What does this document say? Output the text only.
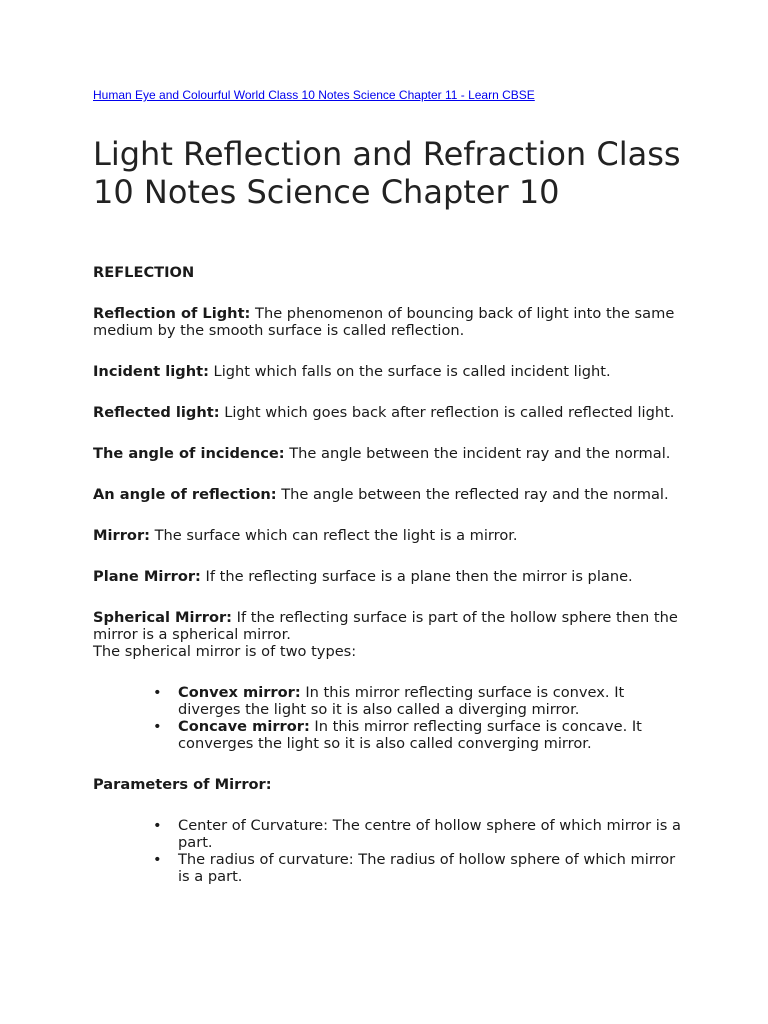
Human Eye and Colourful World Class 10 Notes Science Chapter 11 - Learn CBSE
Light Reflection and Refraction Class 10 Notes Science Chapter 10
REFLECTION

Reflection of Light: The phenomenon of bouncing back of light into the same medium by the smooth surface is called reflection.

Incident light: Light which falls on the surface is called incident light.

Reflected light: Light which goes back after reflection is called reflected light.

The angle of incidence: The angle between the incident ray and the normal.

An angle of reflection: The angle between the reflected ray and the normal.

Mirror: The surface which can reflect the light is a mirror.

Plane Mirror: If the reflecting surface is a plane then the mirror is plane.

Spherical Mirror: If the reflecting surface is part of the hollow sphere then the mirror is a spherical mirror.
The spherical mirror is of two types:

• Convex mirror: In this mirror reflecting surface is convex. It diverges the light so it is also called a diverging mirror.
• Concave mirror: In this mirror reflecting surface is concave. It converges the light so it is also called converging mirror.
Parameters of Mirror:
• Center of Curvature: The centre of hollow sphere of which mirror is a part.
• The radius of curvature: The radius of hollow sphere of which mirror is a part.
